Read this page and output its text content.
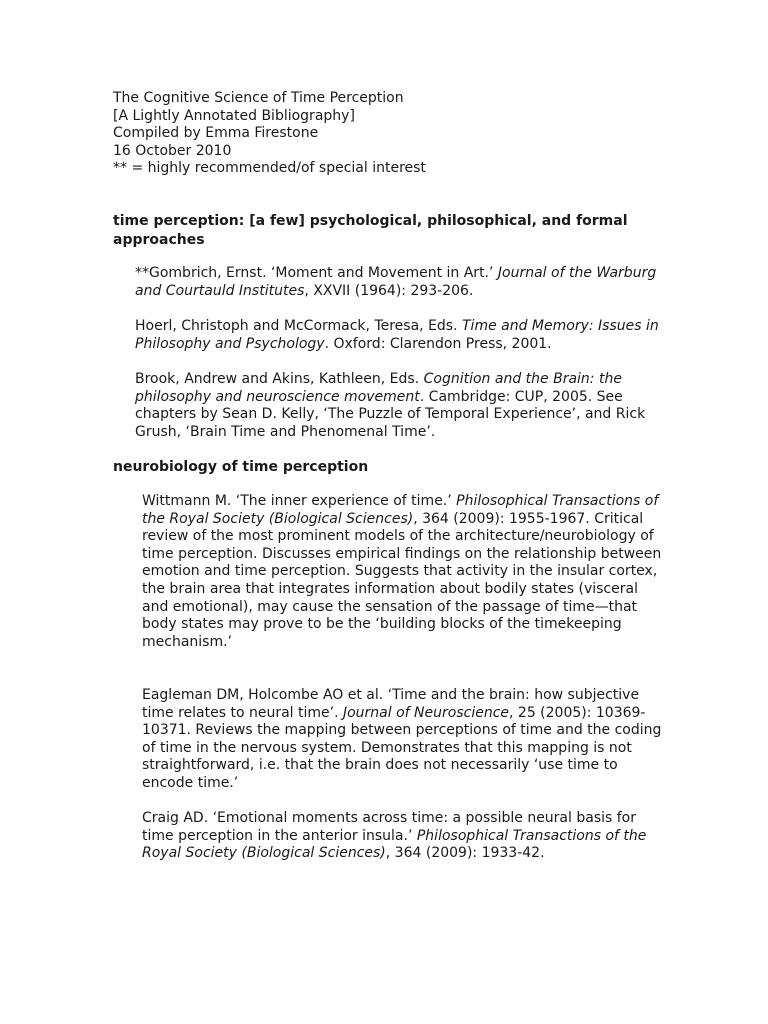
The Cognitive Science of Time Perception
[A Lightly Annotated Bibliography]
Compiled by Emma Firestone
16 October 2010
** = highly recommended/of special interest
time perception: [a few] psychological, philosophical, and formal approaches

**Gombrich, Ernst. ‘Moment and Movement in Art.’ Journal of the Warburg and Courtauld Institutes, XXVII (1964): 293-206.

Hoerl, Christoph and McCormack, Teresa, Eds. Time and Memory: Issues in Philosophy and Psychology. Oxford: Clarendon Press, 2001.

Brook, Andrew and Akins, Kathleen, Eds. Cognition and the Brain: the philosophy and neuroscience movement. Cambridge: CUP, 2005. See chapters by Sean D. Kelly, ‘The Puzzle of Temporal Experience’, and Rick Grush, ‘Brain Time and Phenomenal Time’.

neurobiology of time perception

Wittmann M. ‘The inner experience of time.’ Philosophical Transactions of the Royal Society (Biological Sciences), 364 (2009): 1955-1967. Critical review of the most prominent models of the architecture/neurobiology of time perception. Discusses empirical findings on the relationship between emotion and time perception. Suggests that activity in the insular cortex, the brain area that integrates information about bodily states (visceral and emotional), may cause the sensation of the passage of time—that body states may prove to be the ‘building blocks of the timekeeping mechanism.’

Eagleman DM, Holcombe AO et al. ‘Time and the brain: how subjective time relates to neural time’. Journal of Neuroscience, 25 (2005): 10369-10371. Reviews the mapping between perceptions of time and the coding of time in the nervous system. Demonstrates that this mapping is not straightforward, i.e. that the brain does not necessarily ‘use time to encode time.’

Craig AD. ‘Emotional moments across time: a possible neural basis for time perception in the anterior insula.’ Philosophical Transactions of the Royal Society (Biological Sciences), 364 (2009): 1933-42.
